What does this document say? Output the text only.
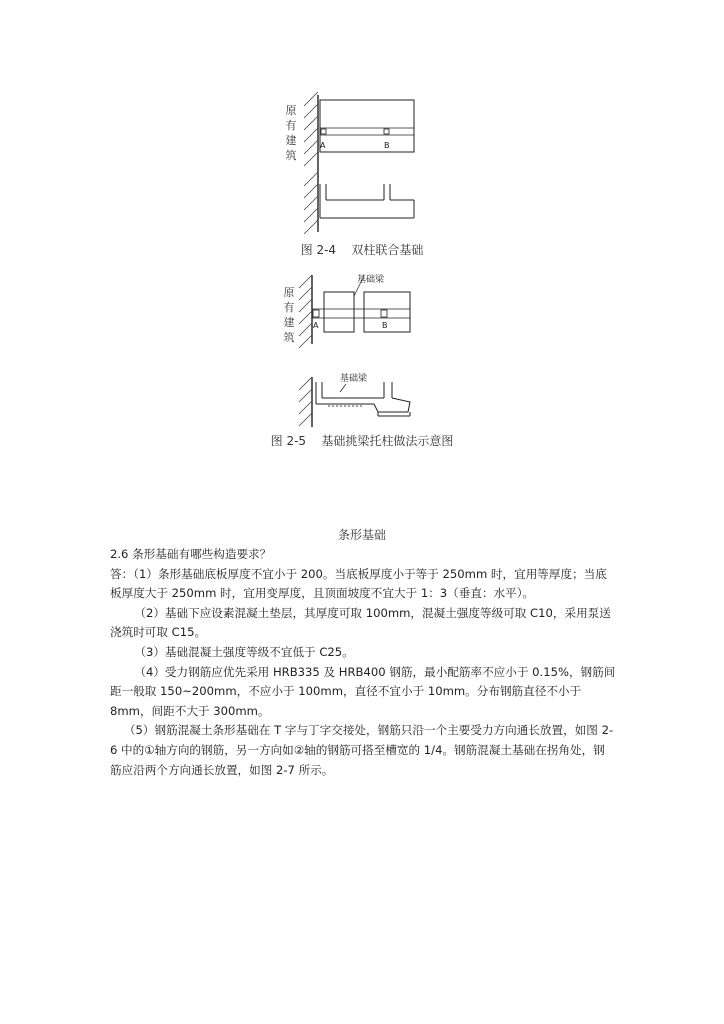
原
有
建
筑
A	B
图 2-4    双柱联合基础
原
有
建
筑
基础梁
基础梁
A	B
图 2-5    基础挑梁托柱做法示意图
条形基础

2.6 条形基础有哪些构造要求？

答：（1）条形基础底板厚度不宜小于 200。当底板厚度小于等于 250mm 时，宜用等厚度；当底板厚度大于 250mm 时，宜用变厚度，且顶面坡度不宜大于 1：3（垂直：水平）。

（2）基础下应设素混凝土垫层，其厚度可取 100mm，混凝土强度等级可取 C10，采用泵送浇筑时可取 C15。

（3）基础混凝土强度等级不宜低于 C25。

（4）受力钢筋应优先采用 HRB335 及 HRB400 钢筋，最小配筋率不应小于 0.15%，钢筋间距一般取 150~200mm，不应小于 100mm，直径不宜小于 10mm。分布钢筋直径不小于 8mm，间距不大于 300mm。

（5）钢筋混凝土条形基础在 T 字与丁字交接处，钢筋只沿一个主要受力方向通长放置，如图 2-6 中的①轴方向的钢筋，另一方向如②轴的钢筋可搭至槽宽的 1/4。钢筋混凝土基础在拐角处，钢筋应沿两个方向通长放置，如图 2-7 所示。
